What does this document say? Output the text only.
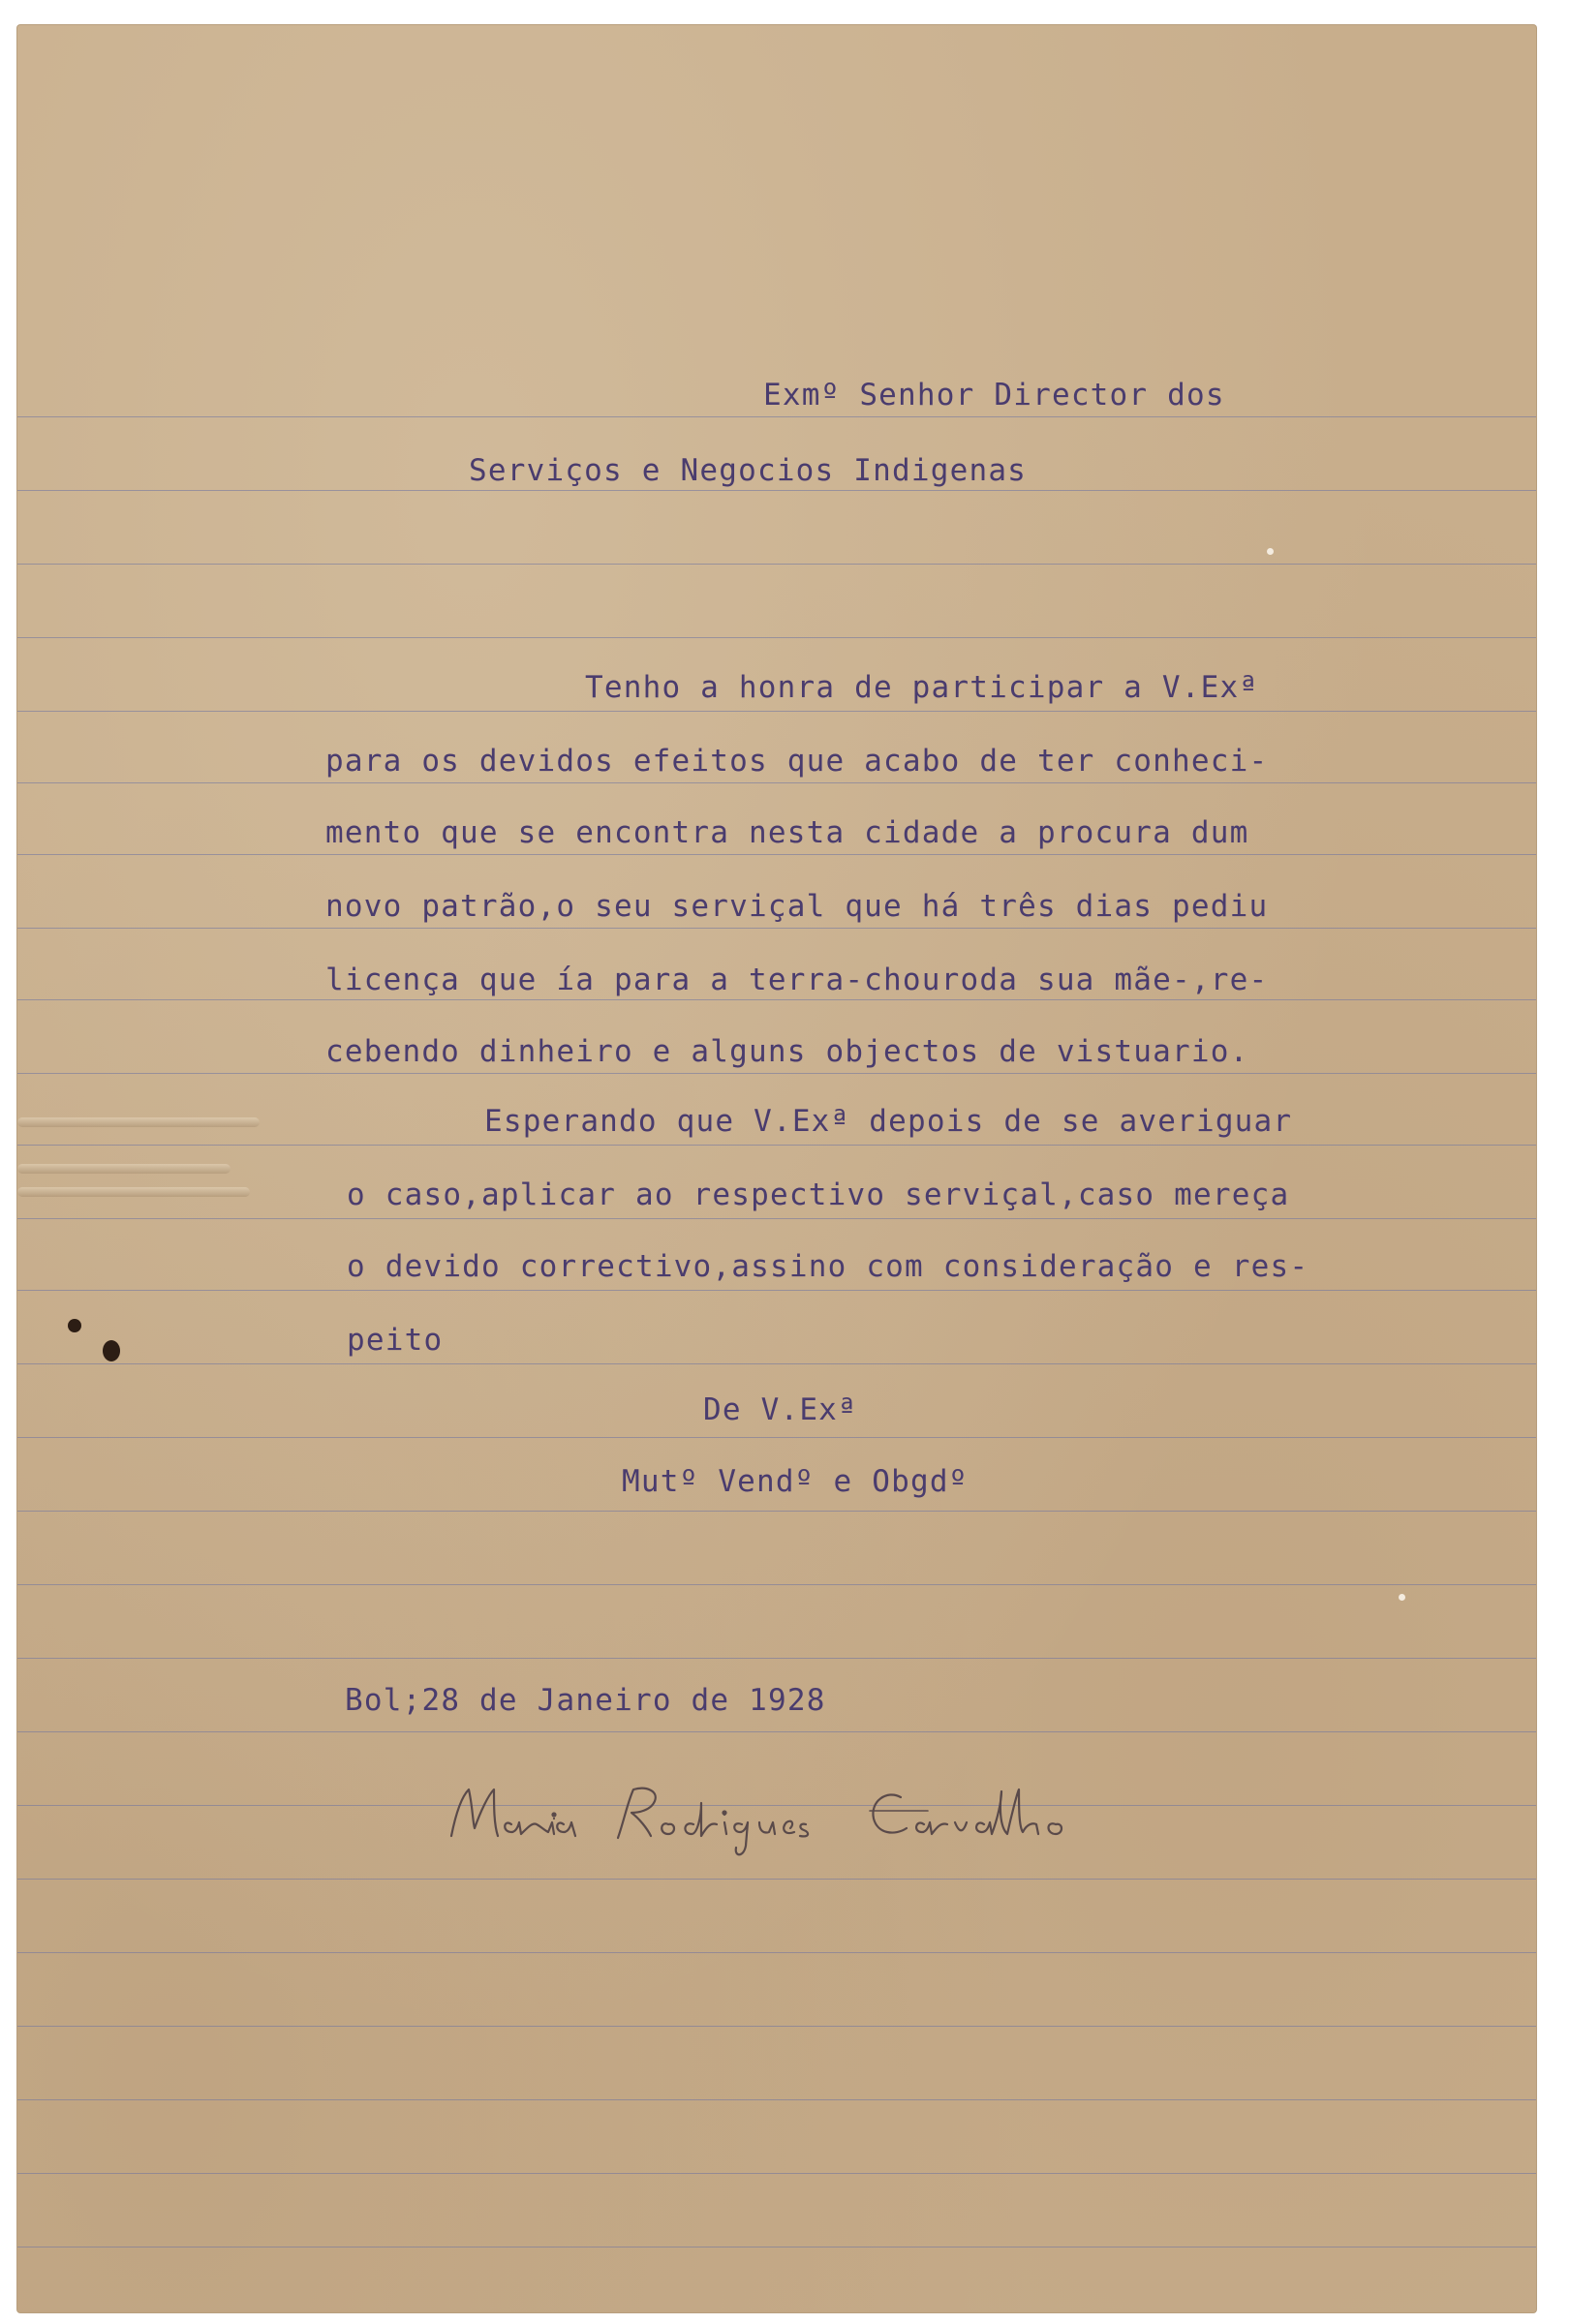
Exmº Senhor Director dos
Serviços e Negocios Indigenas
Tenho a honra de participar a V.Exª
para os devidos efeitos que acabo de ter conheci-
mento que se encontra nesta cidade a procura dum
novo patrão,o seu serviçal que há três dias pediu
licença que ía para a terra-chouroda sua mãe-,re-
cebendo dinheiro e alguns objectos de vistuario.
Esperando que V.Exª depois de se averiguar
o caso,aplicar ao respectivo serviçal,caso mereça
o devido correctivo,assino com consideração e res-
peito
De V.Exª
Mutº Vendº e Obgdº
Bol;28 de Janeiro de 1928
